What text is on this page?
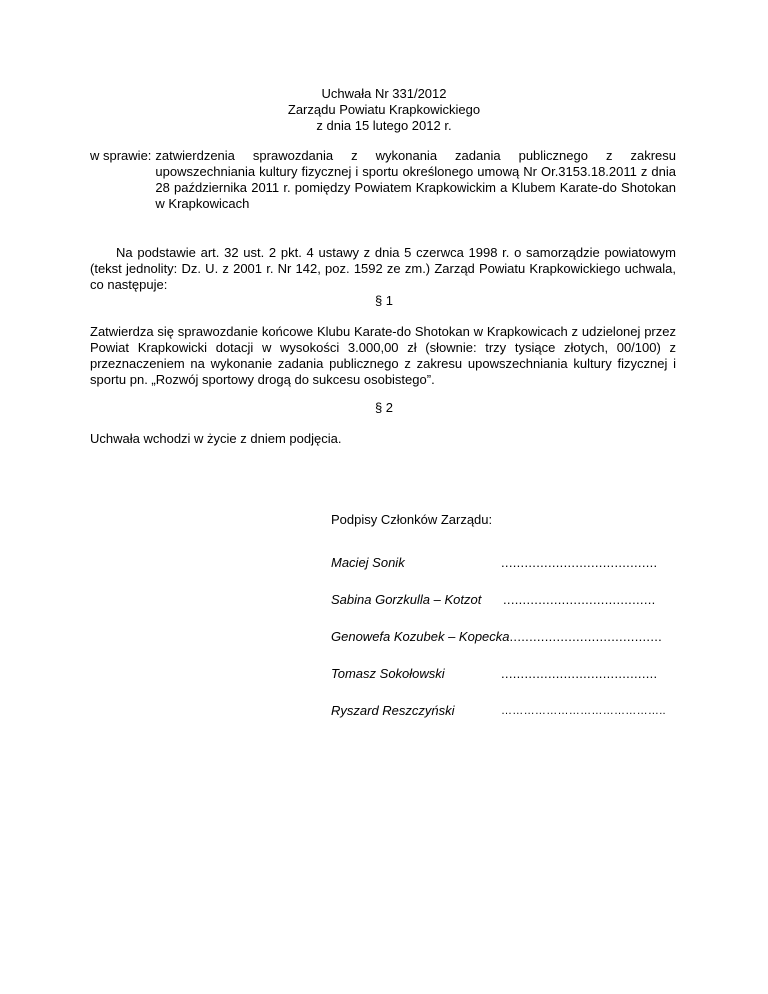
Uchwała Nr 331/2012
Zarządu Powiatu Krapkowickiego
z dnia 15 lutego 2012 r.
w sprawie: zatwierdzenia sprawozdania z wykonania zadania publicznego z zakresu upowszechniania kultury fizycznej i sportu określonego umową Nr Or.3153.18.2011 z dnia 28 października 2011 r. pomiędzy Powiatem Krapkowickim a Klubem Karate-do Shotokan w Krapkowicach
Na podstawie art. 32 ust. 2 pkt. 4 ustawy z dnia 5 czerwca 1998 r. o samorządzie powiatowym (tekst jednolity: Dz. U. z 2001 r. Nr 142, poz. 1592 ze zm.) Zarząd Powiatu Krapkowickiego uchwala, co następuje:
§ 1
Zatwierdza się sprawozdanie końcowe Klubu Karate-do Shotokan w Krapkowicach z udzielonej przez Powiat Krapkowicki dotacji w wysokości 3.000,00 zł (słownie: trzy tysiące złotych, 00/100) z przeznaczeniem na wykonanie zadania publicznego z zakresu upowszechniania kultury fizycznej i sportu pn. „Rozwój sportowy drogą do sukcesu osobistego”.
§ 2
Uchwała wchodzi w życie z dniem podjęcia.
Podpisy Członków Zarządu:
Maciej Sonik	........................................
Sabina Gorzkulla – Kotzot .......................................
Genowefa Kozubek – Kopecka.......................................
Tomasz Sokołowski	........................................
Ryszard Reszczyński	……………………………………..
